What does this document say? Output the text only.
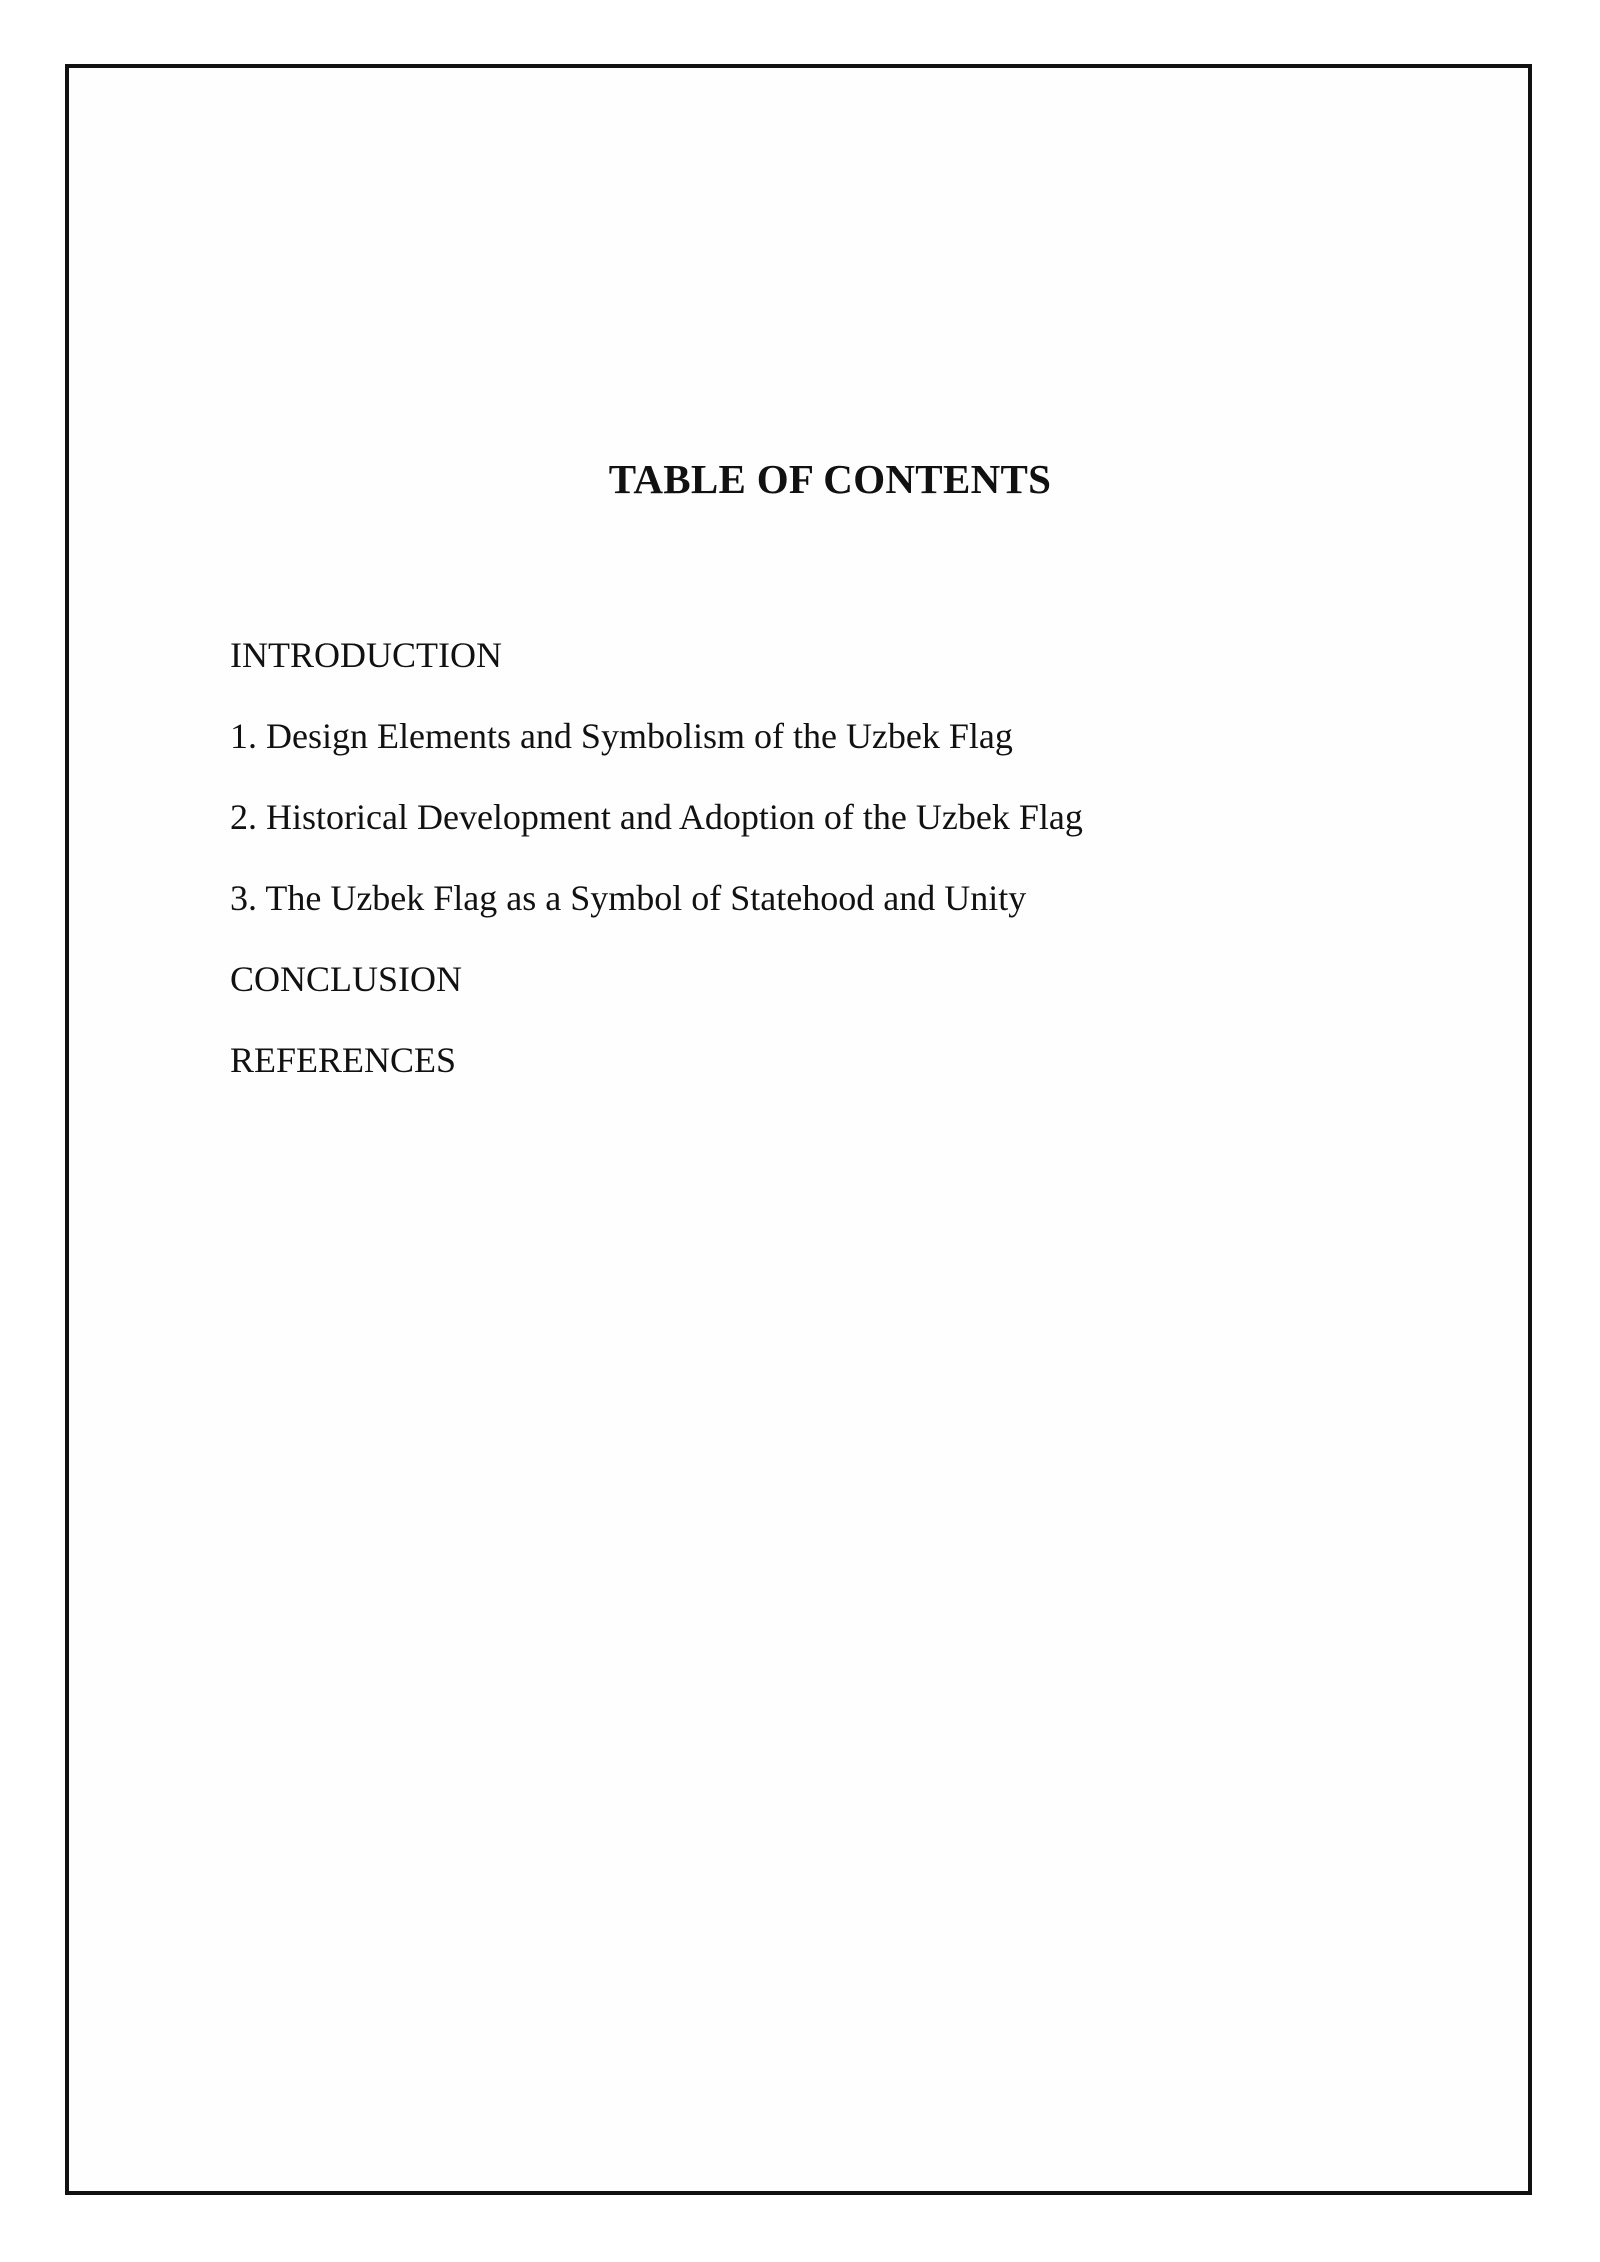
TABLE OF CONTENTS
INTRODUCTION
1. Design Elements and Symbolism of the Uzbek Flag
2. Historical Development and Adoption of the Uzbek Flag
3. The Uzbek Flag as a Symbol of Statehood and Unity
CONCLUSION
REFERENCES
